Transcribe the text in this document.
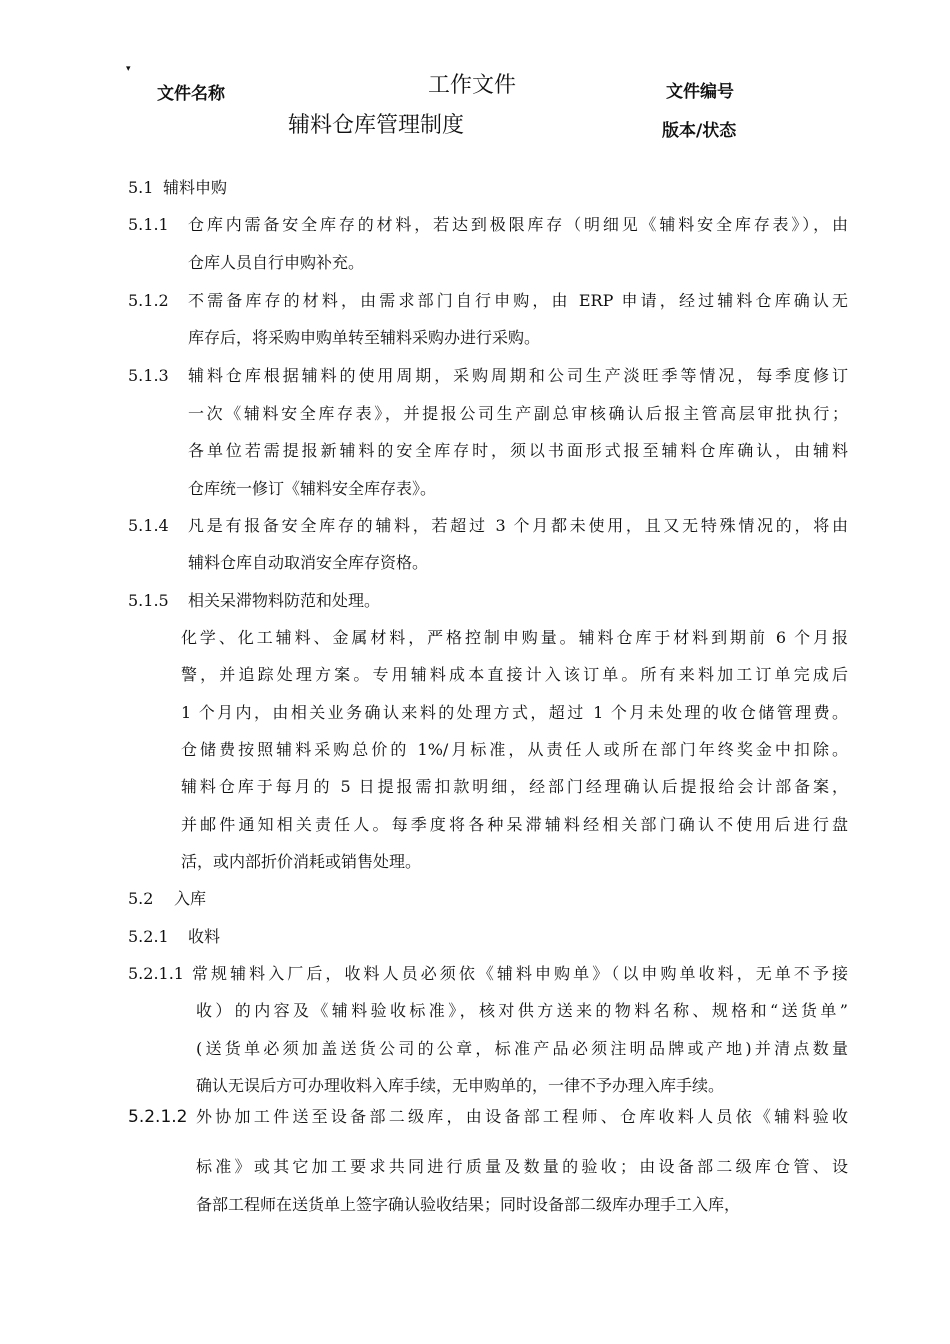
▾
文件名称	工作文件
辅料仓库管理制度
文件编号
版本/状态
5.1 辅料申购
5.1.1 仓库内需备安全库存的材料，若达到极限库存（明细见《辅料安全库存表》），由
仓库人员自行申购补充。
5.1.2 不需备库存的材料，由需求部门自行申购，由 ERP 申请，经过辅料仓库确认无
库存后，将采购申购单转至辅料采购办进行采购。
5.1.3 辅料仓库根据辅料的使用周期，采购周期和公司生产淡旺季等情况，每季度修订
一次《辅料安全库存表》，并提报公司生产副总审核确认后报主管高层审批执行；
各单位若需提报新辅料的安全库存时，须以书面形式报至辅料仓库确认，由辅料
仓库统一修订《辅料安全库存表》。
5.1.4 凡是有报备安全库存的辅料，若超过 3 个月都未使用，且又无特殊情况的，将由
辅料仓库自动取消安全库存资格。
5.1.5 相关呆滞物料防范和处理。
化学、化工辅料、金属材料，严格控制申购量。辅料仓库于材料到期前 6 个月报
警，并追踪处理方案。专用辅料成本直接计入该订单。所有来料加工订单完成后
1 个月内，由相关业务确认来料的处理方式，超过 1 个月未处理的收仓储管理费。
仓储费按照辅料采购总价的 1%/月标准，从责任人或所在部门年终奖金中扣除。
辅料仓库于每月的 5 日提报需扣款明细，经部门经理确认后提报给会计部备案，
并邮件通知相关责任人。每季度将各种呆滞辅料经相关部门确认不使用后进行盘
活，或内部折价消耗或销售处理。
5.2 入库
5.2.1 收料
5.2.1.1 常规辅料入厂后，收料人员必须依《辅料申购单》（以申购单收料，无单不予接
收）的内容及《辅料验收标准》，核对供方送来的物料名称、规格和“送货单”
(送货单必须加盖送货公司的公章，标准产品必须注明品牌或产地)并清点数量
确认无误后方可办理收料入库手续，无申购单的，一律不予办理入库手续。
5.2.1.2 外协加工件送至设备部二级库，由设备部工程师、仓库收料人员依《辅料验收
标准》或其它加工要求共同进行质量及数量的验收；由设备部二级库仓管、设
备部工程师在送货单上签字确认验收结果；同时设备部二级库办理手工入库，
